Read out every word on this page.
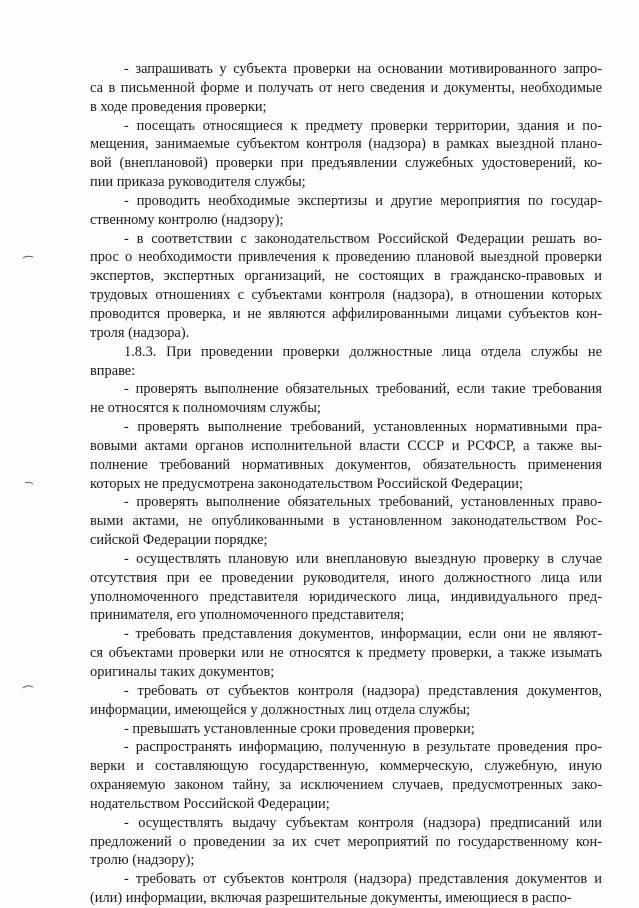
- запрашивать у субъекта проверки на основании мотивированного запро-
са в письменной форме и получать от него сведения и документы, необходимые
в ходе проведения проверки;

- посещать относящиеся к предмету проверки территории, здания и по-
мещения, занимаемые субъектом контроля (надзора) в рамках выездной плано-
вой (внеплановой) проверки при предъявлении служебных удостоверений, ко-
пии приказа руководителя службы;

- проводить необходимые экспертизы и другие мероприятия по государ-
ственному контролю (надзору);

- в соответствии с законодательством Российской Федерации решать во-
прос о необходимости привлечения к проведению плановой выездной проверки
экспертов, экспертных организаций, не состоящих в гражданско-правовых и
трудовых отношениях с субъектами контроля (надзора), в отношении которых
проводится проверка, и не являются аффилированными лицами субъектов кон-
троля (надзора).

1.8.3. При проведении проверки должностные лица отдела службы не
вправе:

- проверять выполнение обязательных требований, если такие требования
не относятся к полномочиям службы;

- проверять выполнение требований, установленных нормативными пра-
вовыми актами органов исполнительной власти СССР и РСФСР, а также вы-
полнение требований нормативных документов, обязательность применения
которых не предусмотрена законодательством Российской Федерации;

- проверять выполнение обязательных требований, установленных право-
выми актами, не опубликованными в установленном законодательством Рос-
сийской Федерации порядке;

- осуществлять плановую или внеплановую выездную проверку в случае
отсутствия при ее проведении руководителя, иного должностного лица или
уполномоченного представителя юридического лица, индивидуального пред-
принимателя, его уполномоченного представителя;

- требовать представления документов, информации, если они не являют-
ся объектами проверки или не относятся к предмету проверки, а также изымать
оригиналы таких документов;

- требовать от субъектов контроля (надзора) представления документов,
информации, имеющейся у должностных лиц отдела службы;

- превышать установленные сроки проведения проверки;

- распространять информацию, полученную в результате проведения про-
верки и составляющую государственную, коммерческую, служебную, иную
охраняемую законом тайну, за исключением случаев, предусмотренных зако-
нодательством Российской Федерации;

- осуществлять выдачу субъектам контроля (надзора) предписаний или
предложений о проведении за их счет мероприятий по государственному кон-
тролю (надзору);

- требовать от субъектов контроля (надзора) представления документов и
(или) информации, включая разрешительные документы, имеющиеся в распо-
